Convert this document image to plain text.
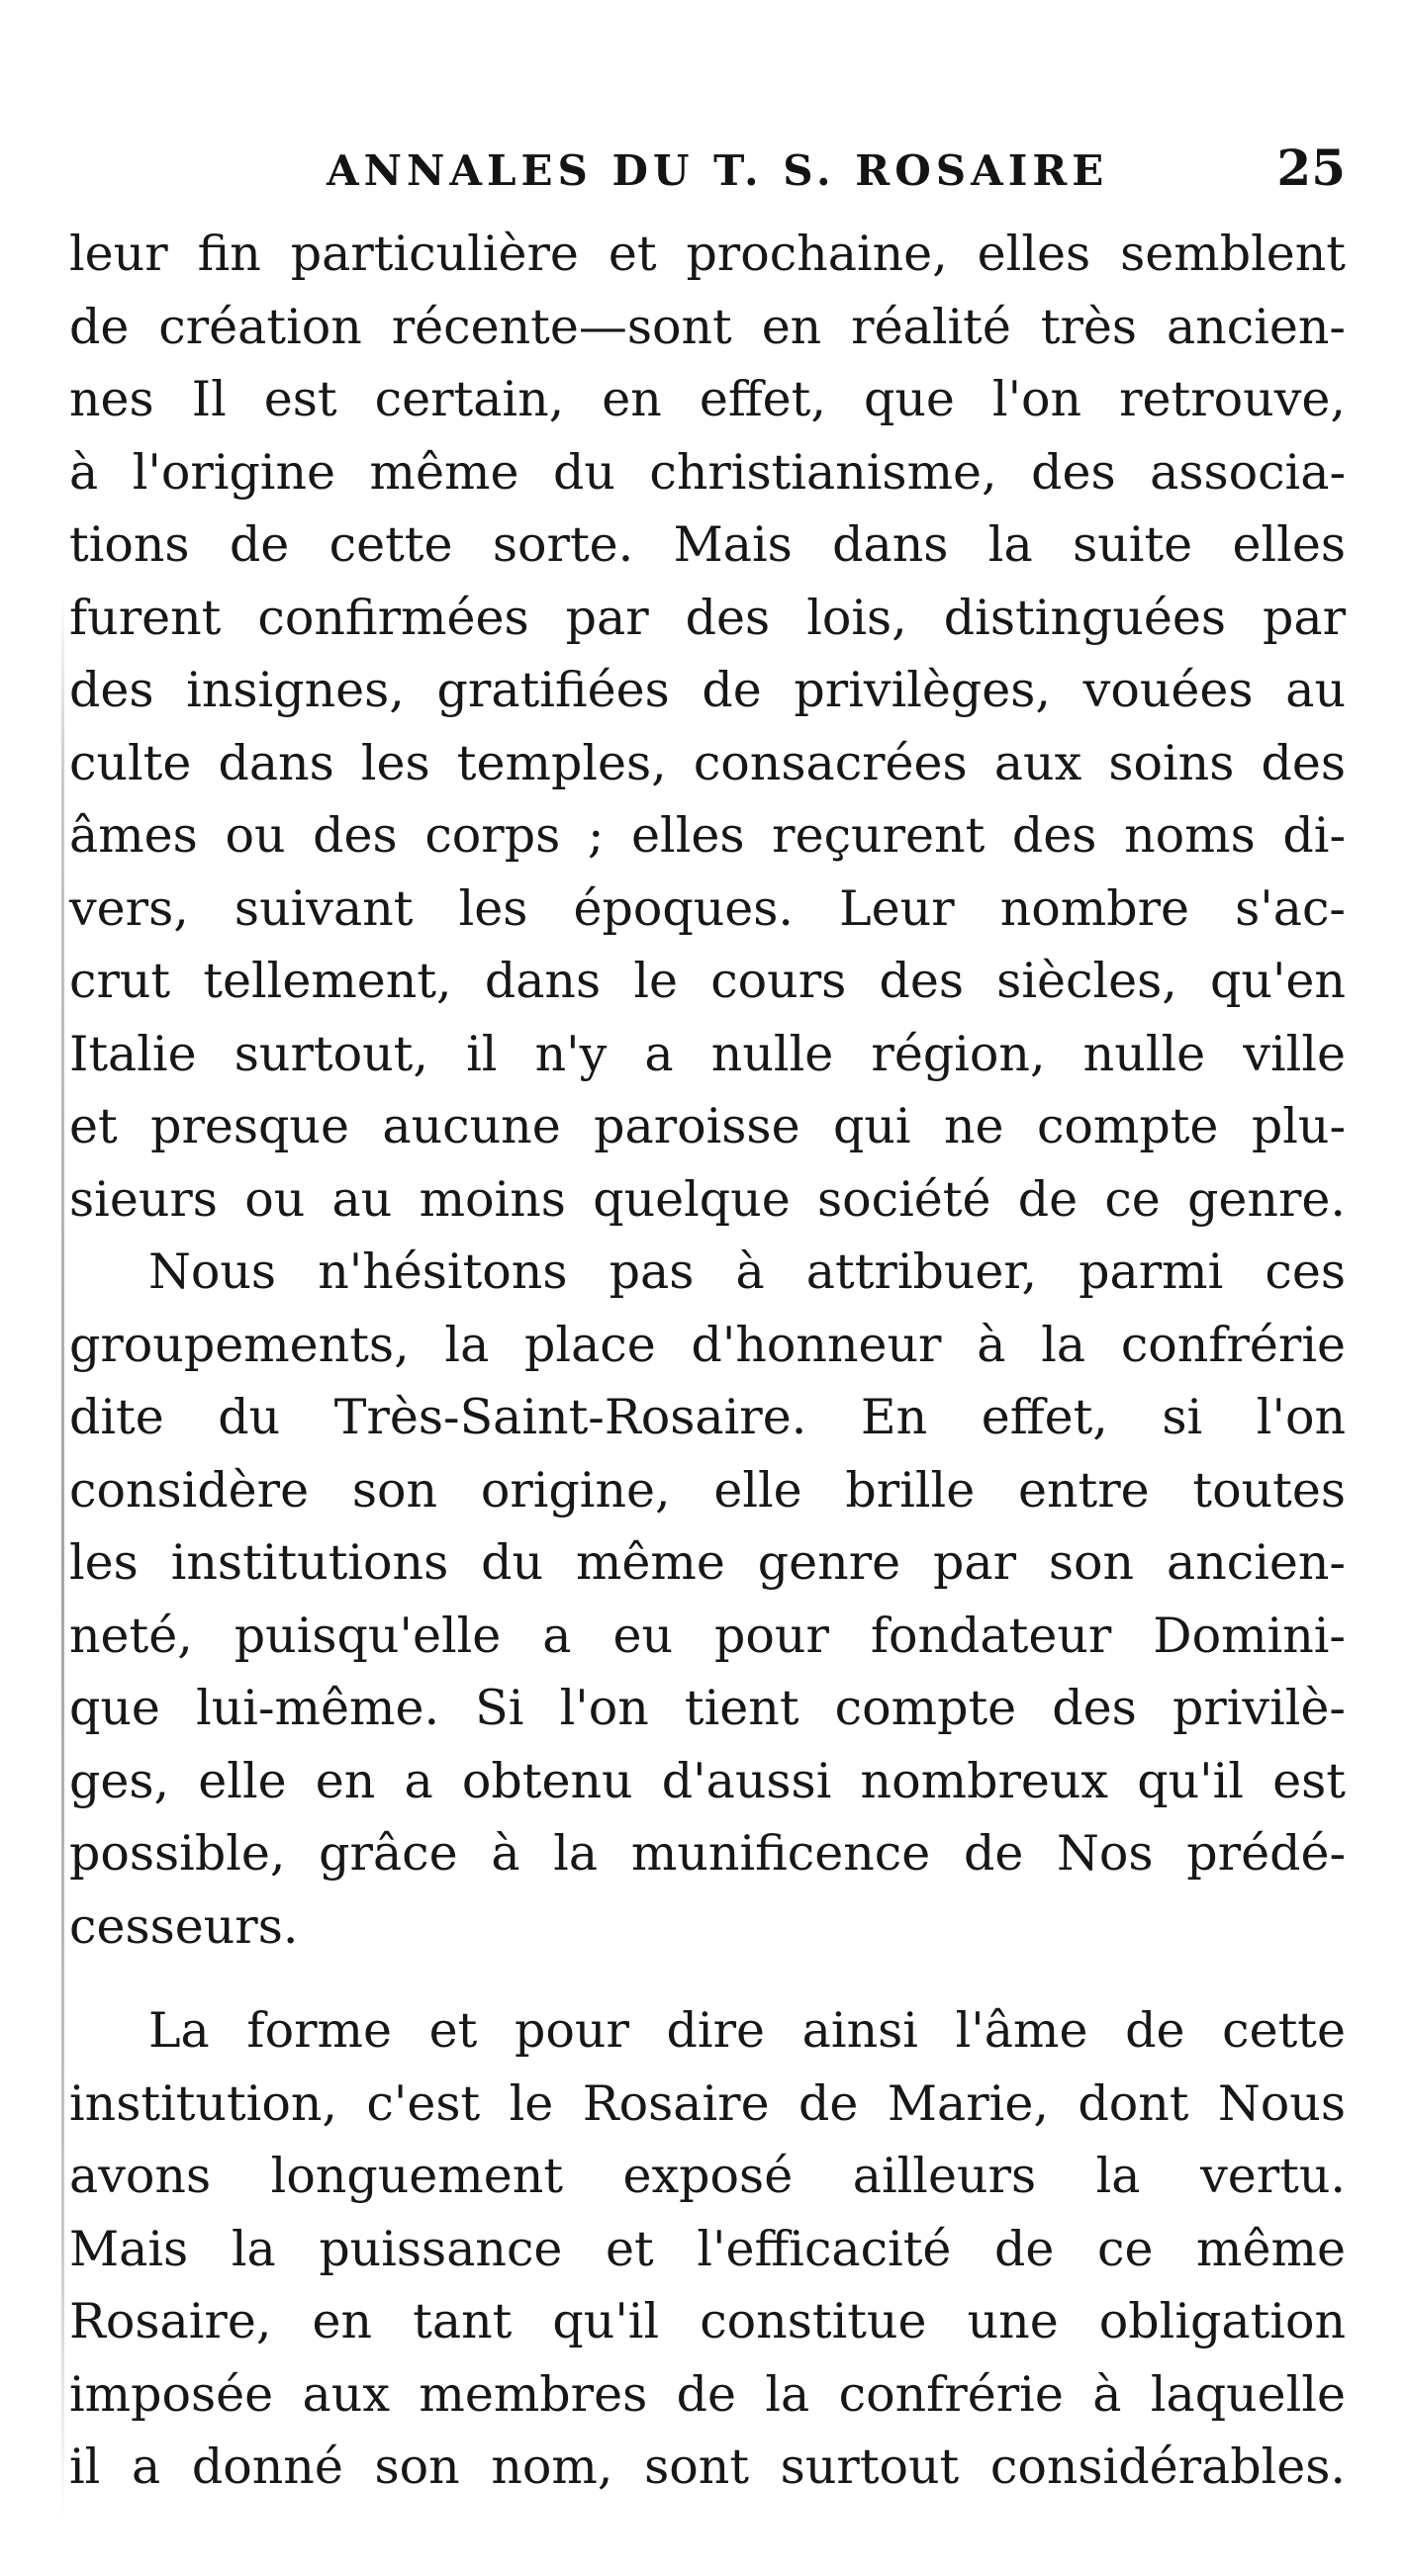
ANNALES DU T. S. ROSAIRE	25
leur fin particulière et prochaine, elles semblent
de création récente—sont en réalité très ancien-
nes Il est certain, en effet, que l'on retrouve,
à l'origine même du christianisme, des associa-
tions de cette sorte. Mais dans la suite elles
furent confirmées par des lois, distinguées par
des insignes, gratifiées de privilèges, vouées au
culte dans les temples, consacrées aux soins des
âmes ou des corps ; elles reçurent des noms di-
vers, suivant les époques. Leur nombre s'ac-
crut tellement, dans le cours des siècles, qu'en
Italie surtout, il n'y a nulle région, nulle ville
et presque aucune paroisse qui ne compte plu-
sieurs ou au moins quelque société de ce genre.
Nous n'hésitons pas à attribuer, parmi ces
groupements, la place d'honneur à la confrérie
dite du Très-Saint-Rosaire. En effet, si l'on
considère son origine, elle brille entre toutes
les institutions du même genre par son ancien-
neté, puisqu'elle a eu pour fondateur Domini-
que lui-même. Si l'on tient compte des privilè-
ges, elle en a obtenu d'aussi nombreux qu'il est
possible, grâce à la munificence de Nos prédé-
cesseurs.
La forme et pour dire ainsi l'âme de cette
institution, c'est le Rosaire de Marie, dont Nous
avons longuement exposé ailleurs la vertu.
Mais la puissance et l'efficacité de ce même
Rosaire, en tant qu'il constitue une obligation
imposée aux membres de la confrérie à laquelle
il a donné son nom, sont surtout considérables.
